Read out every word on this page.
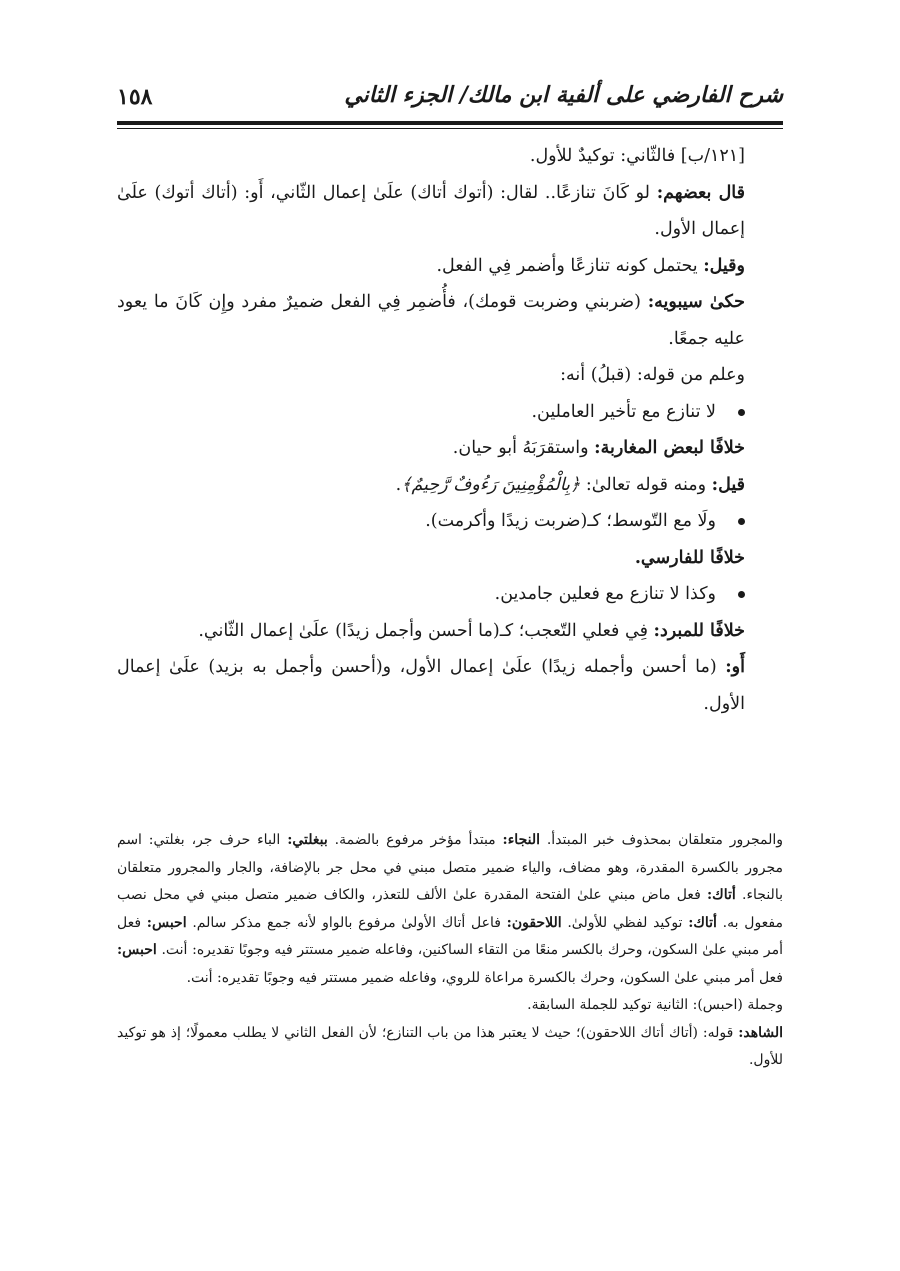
شرح الفارضي على ألفية ابن مالك/ الجزء الثاني
١٥٨

[١٢١/ب] فالثّاني: توكيدٌ للأول.

قال بعضهم: لو كَانَ تنازعًا.. لقال: (أتوك أتاك) علَىٰ إعمال الثّاني، أَو: (أتاك أتوك) علَىٰ إعمال الأول.

وقيل: يحتمل كونه تنازعًا وأضمر فِي الفعل.

حكىٰ سيبويه: (ضربني وضربت قومك)، فأُضمِر فِي الفعل ضميرٌ مفرد وإِن كَانَ ما يعود عليه جمعًا.

وعلم من قوله: (قبلُ) أنه:

لا تنازع مع تأخير العاملين.

خلافًا لبعض المغاربة: واستقرَبَهُ أبو حيان.

قيل: ومنه قوله تعالىٰ: ﴿بِالْمُؤْمِنِينَ رَءُوفٌ رَّحِيمٌ﴾.

ولَا مع التّوسط؛ كـ(ضربت زيدًا وأكرمت).

خلافًا للفارسي.

وكذا لا تنازع مع فعلين جامدين.

خلافًا للمبرد: فِي فعلي التّعجب؛ كـ(ما أحسن وأجمل زيدًا) علَىٰ إعمال الثّاني.

أَو: (ما أحسن وأجمله زيدًا) علَىٰ إعمال الأول، و(أحسن وأجمل به بزيد) علَىٰ إعمال الأول.

والمجرور متعلقان بمحذوف خبر المبتدأ. النجاء: مبتدأ مؤخر مرفوع بالضمة. ببغلتي: الباء حرف جر، بغلتي: اسم مجرور بالكسرة المقدرة، وهو مضاف، والياء ضمير متصل مبني في محل جر بالإضافة، والجار والمجرور متعلقان بالنجاء. أتاك: فعل ماض مبني علىٰ الفتحة المقدرة علىٰ الألف للتعذر، والكاف ضمير متصل مبني في محل نصب مفعول به. أتاك: توكيد لفظي للأولىٰ. اللاحقون: فاعل أتاك الأولىٰ مرفوع بالواو لأنه جمع مذكر سالم. احبس: فعل أمر مبني علىٰ السكون، وحرك بالكسر منعًا من التقاء الساكنين، وفاعله ضمير مستتر فيه وجوبًا تقديره: أنت. احبس: فعل أمر مبني علىٰ السكون، وحرك بالكسرة مراعاة للروي، وفاعله ضمير مستتر فيه وجوبًا تقديره: أنت.

وجملة (احبس): الثانية توكيد للجملة السابقة.

الشاهد: قوله: (أتاك أتاك اللاحقون)؛ حيث لا يعتبر هذا من باب التنازع؛ لأن الفعل الثاني لا يطلب معمولًا؛ إذ هو توكيد للأول.
